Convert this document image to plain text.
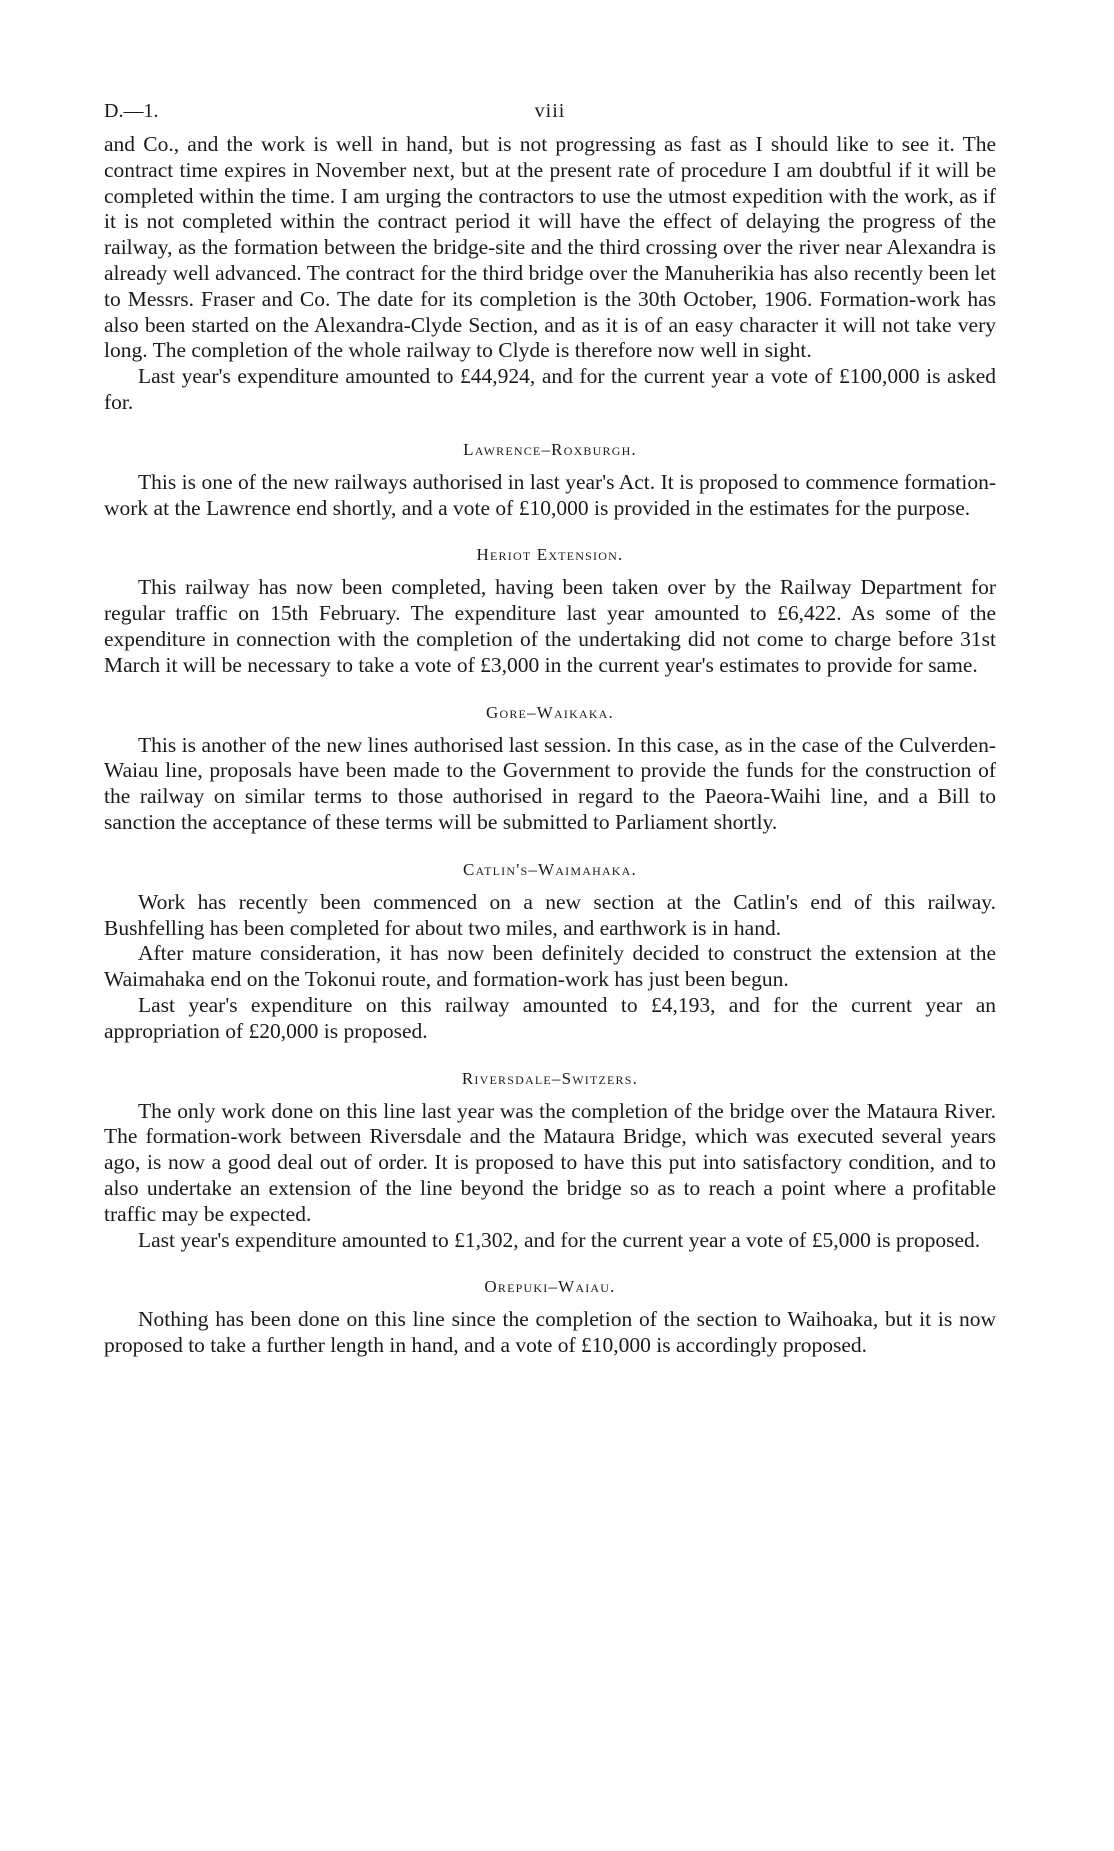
D.—1.	viii

and Co., and the work is well in hand, but is not progressing as fast as I should like to see it. The contract time expires in November next, but at the present rate of procedure I am doubtful if it will be completed within the time. I am urging the contractors to use the utmost expedition with the work, as if it is not completed within the contract period it will have the effect of delaying the progress of the railway, as the formation between the bridge-site and the third crossing over the river near Alexandra is already well advanced. The contract for the third bridge over the Manuherikia has also recently been let to Messrs. Fraser and Co. The date for its completion is the 30th October, 1906. Formation-work has also been started on the Alexandra-Clyde Section, and as it is of an easy character it will not take very long. The completion of the whole railway to Clyde is therefore now well in sight.

Last year's expenditure amounted to £44,924, and for the current year a vote of £100,000 is asked for.

Lawrence–Roxburgh.

This is one of the new railways authorised in last year's Act. It is proposed to commence formation-work at the Lawrence end shortly, and a vote of £10,000 is provided in the estimates for the purpose.

Heriot Extension.

This railway has now been completed, having been taken over by the Railway Department for regular traffic on 15th February. The expenditure last year amounted to £6,422. As some of the expenditure in connection with the completion of the undertaking did not come to charge before 31st March it will be necessary to take a vote of £3,000 in the current year's estimates to provide for same.

Gore–Waikaka.

This is another of the new lines authorised last session. In this case, as in the case of the Culverden-Waiau line, proposals have been made to the Government to provide the funds for the construction of the railway on similar terms to those authorised in regard to the Paeora-Waihi line, and a Bill to sanction the acceptance of these terms will be submitted to Parliament shortly.

Catlin's–Waimahaka.

Work has recently been commenced on a new section at the Catlin's end of this railway. Bushfelling has been completed for about two miles, and earthwork is in hand.

After mature consideration, it has now been definitely decided to construct the extension at the Waimahaka end on the Tokonui route, and formation-work has just been begun.

Last year's expenditure on this railway amounted to £4,193, and for the current year an appropriation of £20,000 is proposed.

Riversdale–Switzers.

The only work done on this line last year was the completion of the bridge over the Mataura River. The formation-work between Riversdale and the Mataura Bridge, which was executed several years ago, is now a good deal out of order. It is proposed to have this put into satisfactory condition, and to also undertake an extension of the line beyond the bridge so as to reach a point where a profitable traffic may be expected.

Last year's expenditure amounted to £1,302, and for the current year a vote of £5,000 is proposed.

Orepuki–Waiau.

Nothing has been done on this line since the completion of the section to Waihoaka, but it is now proposed to take a further length in hand, and a vote of £10,000 is accordingly proposed.
